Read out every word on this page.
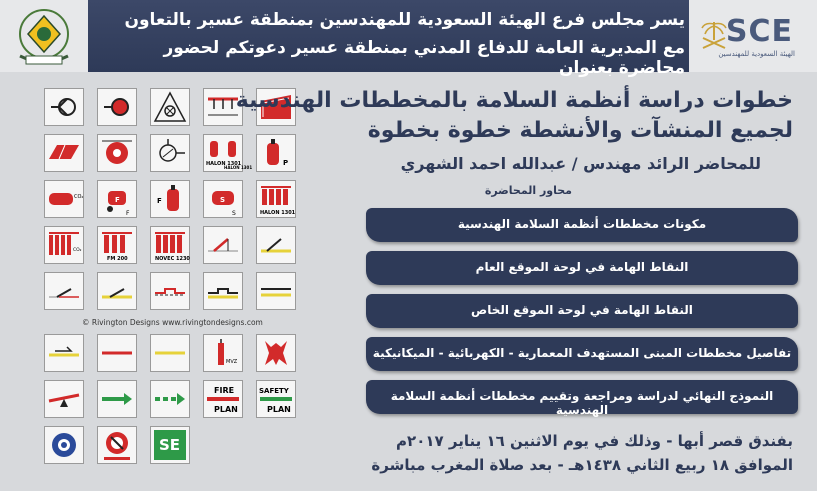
SCE
الهيئة السعودية للمهندسين
يسر مجلس فرع الهيئة السعودية للمهندسين بمنطقة عسير بالتعاون
مع المديرية العامة للدفاع المدني بمنطقة عسير دعوتكم لحضور محاضرة بعنوان
HALON 1301
HALON 1301
P
CO₂	F
F
F	S
S	HALON 1301
CO₂
FM 200	NOVEC 1230
© Rivington Designs www.rivingtondesigns.com
MVZ
FIRE
PLAN
SAFETY
PLAN
SE
خطوات دراسة أنظمة السلامة بالمخططات الهندسية
لجميع المنشآت والأنشطة خطوة بخطوة
للمحاضر الرائد مهندس / عبدالله احمد الشهري
محاور المحاضرة
مكونات مخططات أنظمة السلامة الهندسية
النقاط الهامة في لوحة الموقع العام
النقاط الهامة في لوحة الموقع الخاص
تفاصيل مخططات المبنى المستهدف المعمارية - الكهربائية - الميكانيكية
النموذج النهائي لدراسة ومراجعة وتقييم مخططات أنظمة السلامة الهندسية
بفندق قصر أبها - وذلك في يوم الاثنين ١٦ يناير ٢٠١٧م
الموافق ١٨ ربيع الثاني ١٤٣٨هـ - بعد صلاة المغرب مباشرة
